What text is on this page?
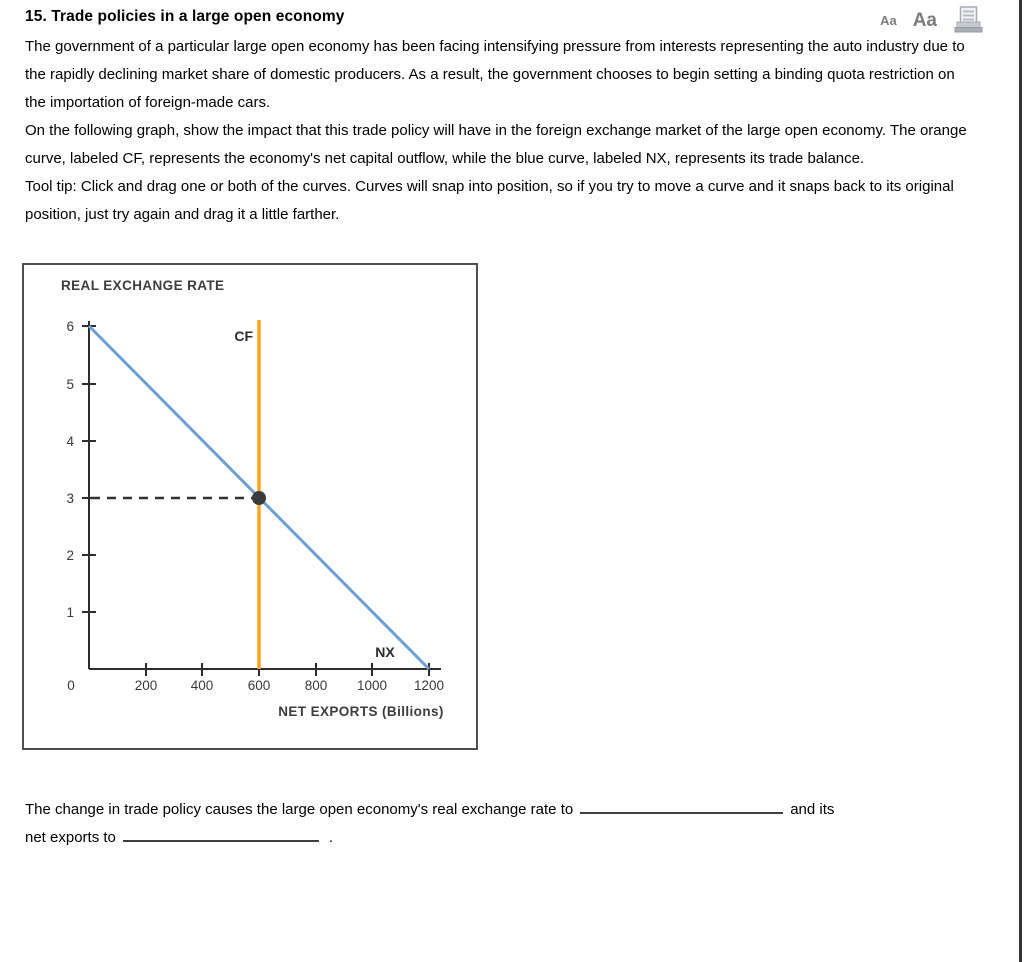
15. Trade policies in a large open economy	Aa Aa

The government of a particular large open economy has been facing intensifying pressure from interests representing the auto industry due to the rapidly declining market share of domestic producers. As a result, the government chooses to begin setting a binding quota restriction on the importation of foreign-made cars.

On the following graph, show the impact that this trade policy will have in the foreign exchange market of the large open economy. The orange curve, labeled CF, represents the economy's net capital outflow, while the blue curve, labeled NX, represents its trade balance.

Tool tip: Click and drag one or both of the curves. Curves will snap into position, so if you try to move a curve and it snaps back to its original position, just try again and drag it a little farther.

REAL EXCHANGE RATE
1
2
3
4
5
6
0	200 400	600	800 1000 1200
NET EXPORTS (Billions)
CF
NX
The change in trade policy causes the large open economy's real exchange rate to	and its
net exports to	.
